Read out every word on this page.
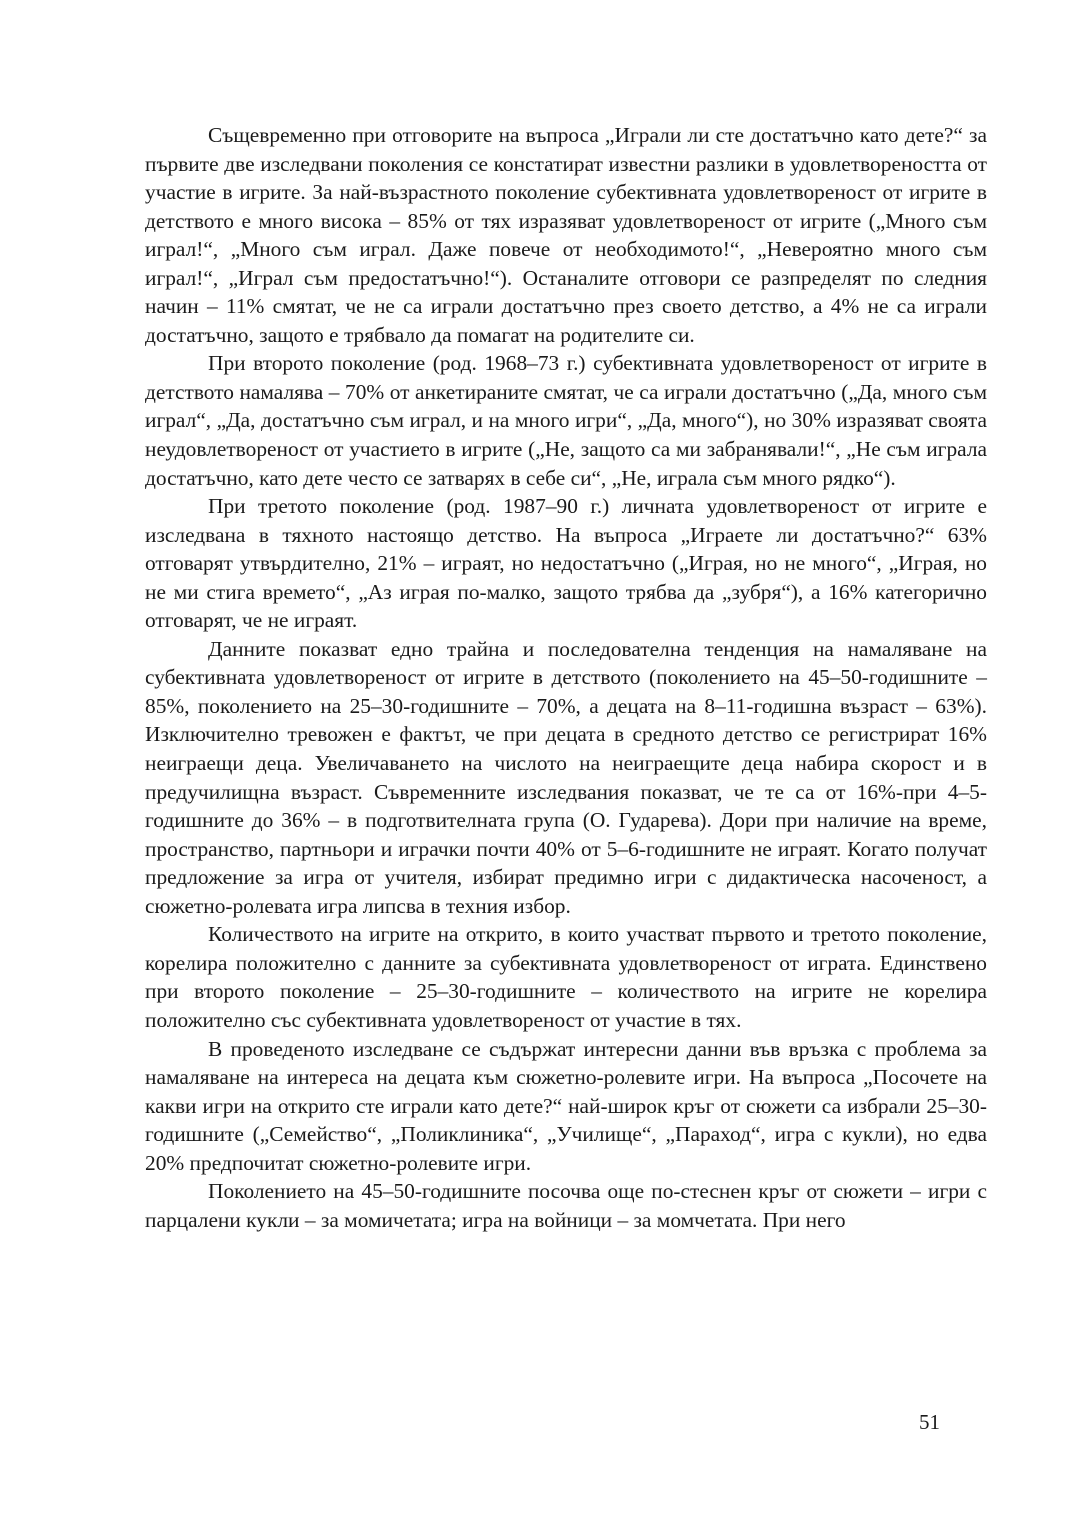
Същевременно при отговорите на въпроса „Играли ли сте достатъчно като дете?“ за първите две изследвани поколения се констатират известни разлики в удовлетвореността от участие в игрите. За най-възрастното поколение субективната удовлетвореност от игрите в детството е много висока – 85% от тях изразяват удовлетвореност от игрите („Много съм играл!“, „Много съм играл. Даже повече от необходимото!“, „Невероятно много съм играл!“, „Играл съм предостатъчно!“). Останалите отговори се разпределят по следния начин – 11% смятат, че не са играли достатъчно през своето детство, а 4% не са играли достатъчно, защото е трябвало да помагат на родителите си.

При второто поколение (род. 1968–73 г.) субективната удовлетвореност от игрите в детството намалява – 70% от анкетираните смятат, че са играли достатъчно („Да, много съм играл“, „Да, достатъчно съм играл, и на много игри“, „Да, много“), но 30% изразяват своята неудовлетвореност от участието в игрите („Не, защото са ми забранявали!“, „Не съм играла достатъчно, като дете често се затварях в себе си“, „Не, играла съм много рядко“).

При третото поколение (род. 1987–90 г.) личната удовлетвореност от игрите е изследвана в тяхното настоящо детство. На въпроса „Играете ли достатъчно?“ 63% отговарят утвърдително, 21% – играят, но недостатъчно („Играя, но не много“, „Играя, но не ми стига времето“, „Аз играя по-малко, защото трябва да „зубря“), а 16% категорично отговарят, че не играят.

Данните показват едно трайна и последователна тенденция на намаляване на субективната удовлетвореност от игрите в детството (поколението на 45–50-годишните – 85%, поколението на 25–30-годишните – 70%, а децата на 8–11-годишна възраст – 63%). Изключително тревожен е фактът, че при децата в средното детство се регистрират 16% неиграещи деца. Увеличаването на числото на неиграещите деца набира скорост и в предучилищна възраст. Съвременните изследвания показват, че те са от 16%-при 4–5-годишните до 36% – в подготвителната група (О. Гударева). Дори при наличие на време, пространство, партньори и играчки почти 40% от 5–6-годишните не играят. Когато получат предложение за игра от учителя, избират предимно игри с дидактическа насоченост, а сюжетно-ролевата игра липсва в техния избор.

Количеството на игрите на открито, в които участват първото и третото поколение, корелира положително с данните за субективната удовлетвореност от играта. Единствено при второто поколение – 25–30-годишните – количеството на игрите не корелира положително със субективната удовлетвореност от участие в тях.

В проведеното изследване се съдържат интересни данни във връзка с проблема за намаляване на интереса на децата към сюжетно-ролевите игри. На въпроса „Посочете на какви игри на открито сте играли като дете?“ най-широк кръг от сюжети са избрали 25–30-годишните („Семейство“, „Поликлиника“, „Училище“, „Параход“, игра с кукли), но едва 20% предпочитат сюжетно-ролевите игри.

Поколението на 45–50-годишните посочва още по-стеснен кръг от сюжети – игри с парцалени кукли – за момичетата; игра на войници – за момчетата. При него

51
